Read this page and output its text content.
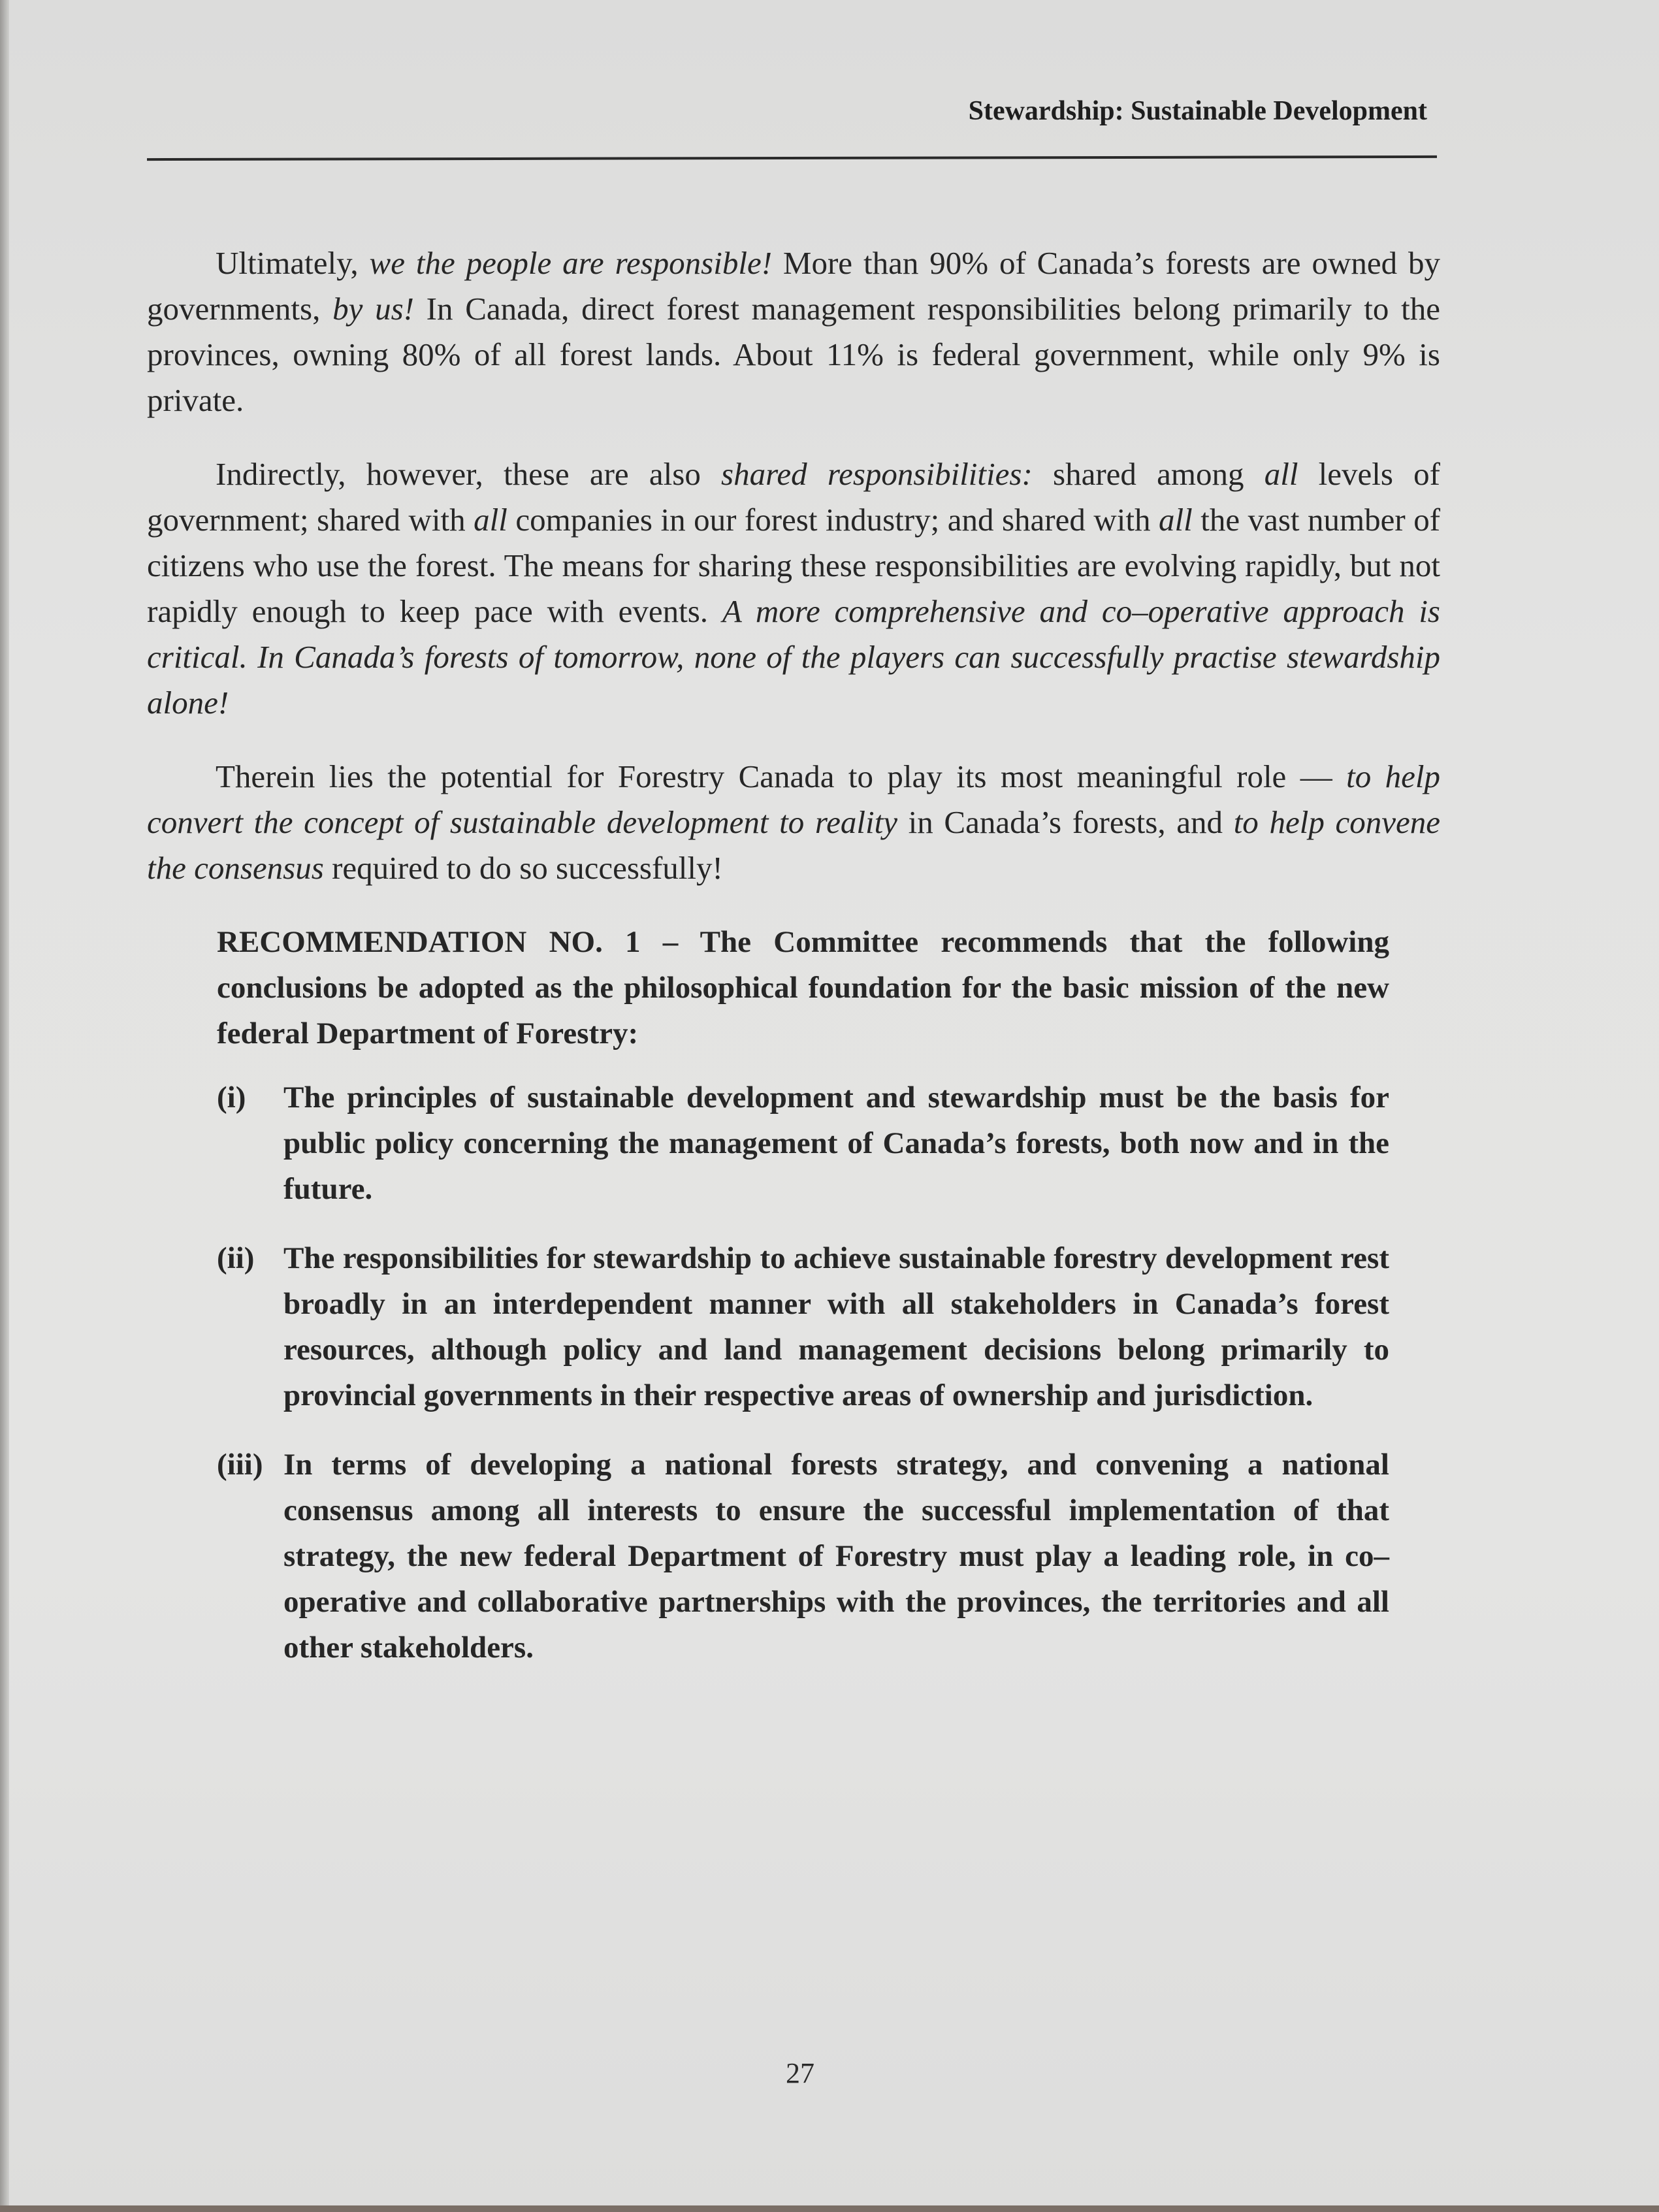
Stewardship: Sustainable Development

Ultimately, we the people are responsible! More than 90% of Canada’s forests are owned by governments, by us! In Canada, direct forest management responsibilities belong primarily to the provinces, owning 80% of all forest lands. About 11% is federal government, while only 9% is private.

Indirectly, however, these are also shared responsibilities: shared among all levels of government; shared with all companies in our forest industry; and shared with all the vast number of citizens who use the forest. The means for sharing these responsibilities are evolving rapidly, but not rapidly enough to keep pace with events. A more comprehensive and co–operative approach is critical. In Canada’s forests of tomorrow, none of the players can successfully practise stewardship alone!

Therein lies the potential for Forestry Canada to play its most meaningful role — to help convert the concept of sustainable development to reality in Canada’s forests, and to help convene the consensus required to do so successfully!

RECOMMENDATION NO. 1 – The Committee recommends that the following conclusions be adopted as the philosophical foundation for the basic mission of the new federal Department of Forestry:

(i)	The principles of sustainable development and stewardship must be the basis for public policy concerning the management of Canada’s forests, both now and in the future.
(ii) The responsibilities for stewardship to achieve sustainable forestry development rest broadly in an interdependent manner with all stakeholders in Canada’s forest resources, although policy and land management decisions belong primarily to provincial governments in their respective areas of ownership and jurisdiction.
(iii) In terms of developing a national forests strategy, and convening a national consensus among all interests to ensure the successful implementation of that strategy, the new federal Department of Forestry must play a leading role, in co–operative and collaborative partnerships with the provinces, the territories and all other stakeholders.
27
